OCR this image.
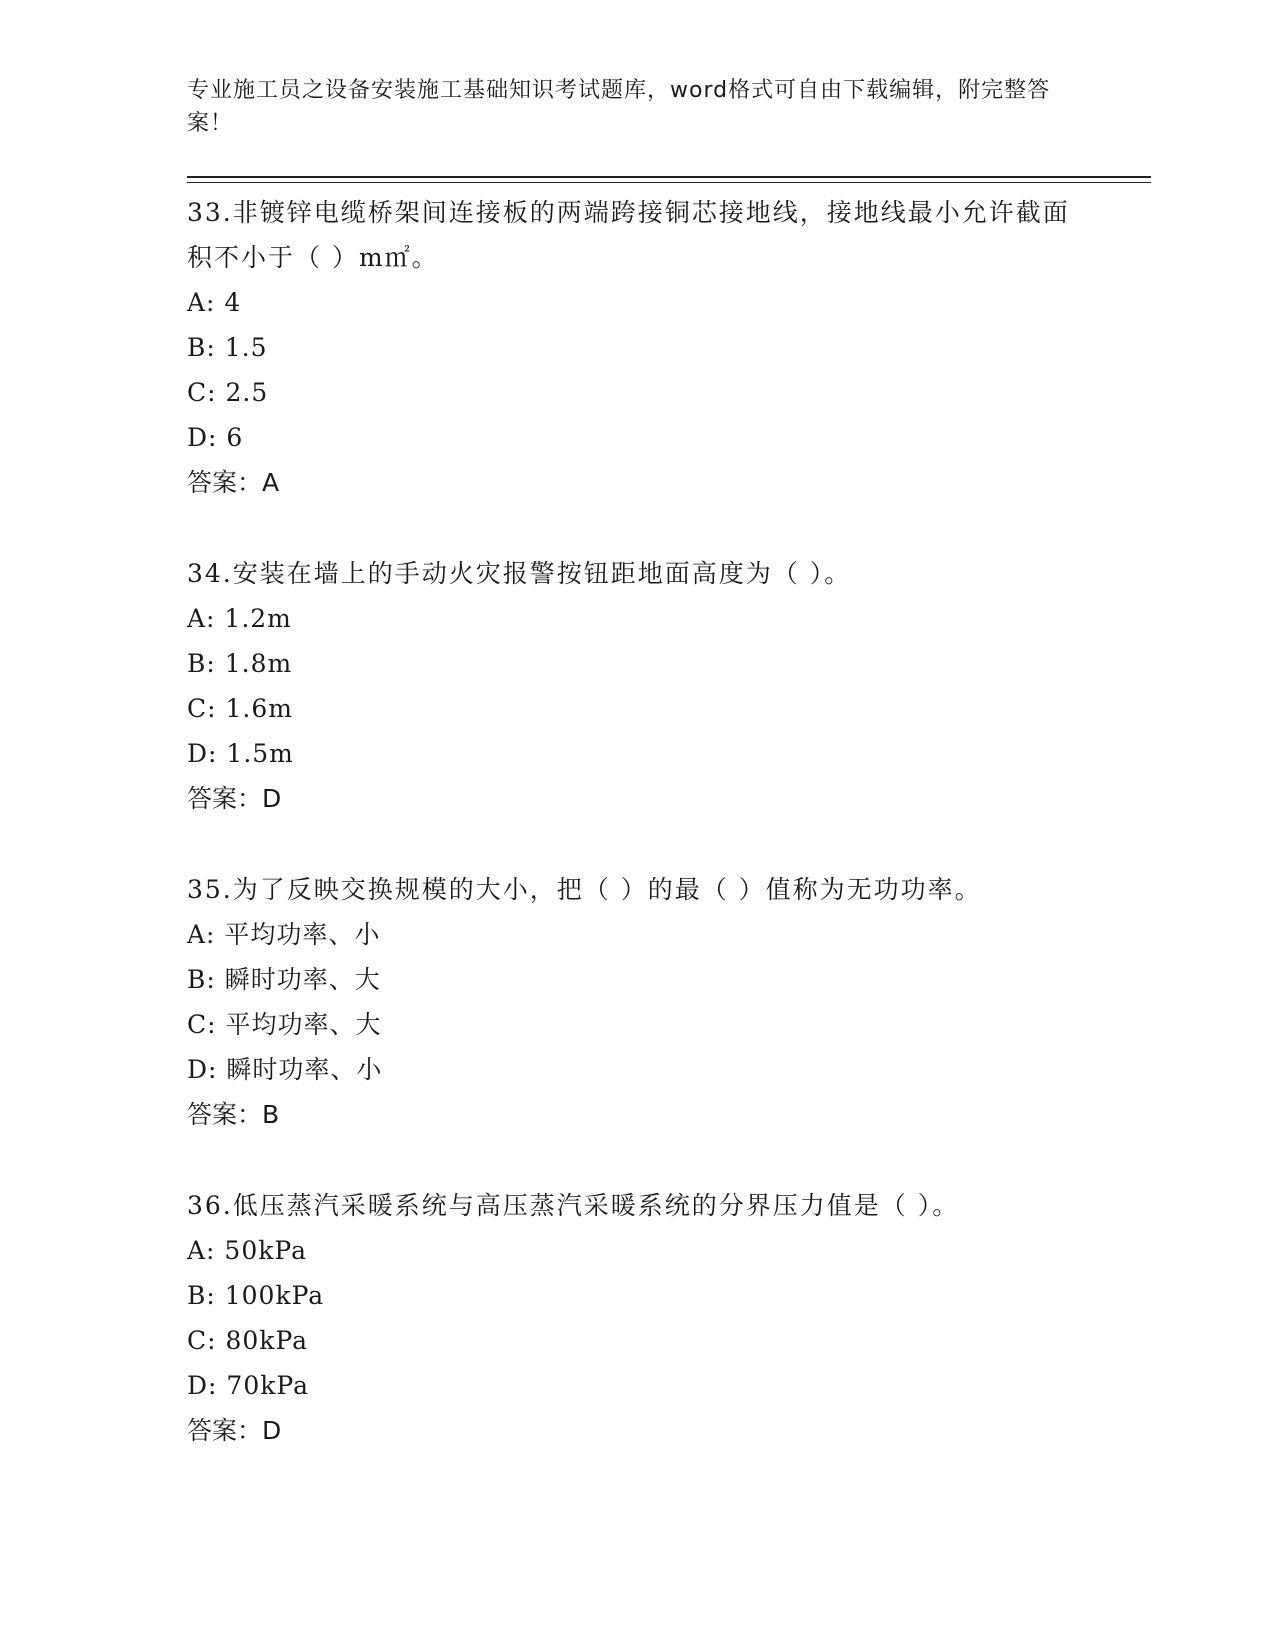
专业施工员之设备安装施工基础知识考试题库，word格式可自由下载编辑，附完整答案！

33.非镀锌电缆桥架间连接板的两端跨接铜芯接地线，接地线最小允许截面积不小于（ ）m㎡。

A: 4

B: 1.5

C: 2.5

D: 6

答案：A

34.安装在墙上的手动火灾报警按钮距地面高度为（ ）。

A: 1.2m

B: 1.8m

C: 1.6m

D: 1.5m

答案：D

35.为了反映交换规模的大小，把（ ）的最（ ）值称为无功功率。

A: 平均功率、小

B: 瞬时功率、大

C: 平均功率、大

D: 瞬时功率、小

答案：B

36.低压蒸汽采暖系统与高压蒸汽采暖系统的分界压力值是（ ）。

A: 50kPa

B: 100kPa

C: 80kPa

D: 70kPa

答案：D
